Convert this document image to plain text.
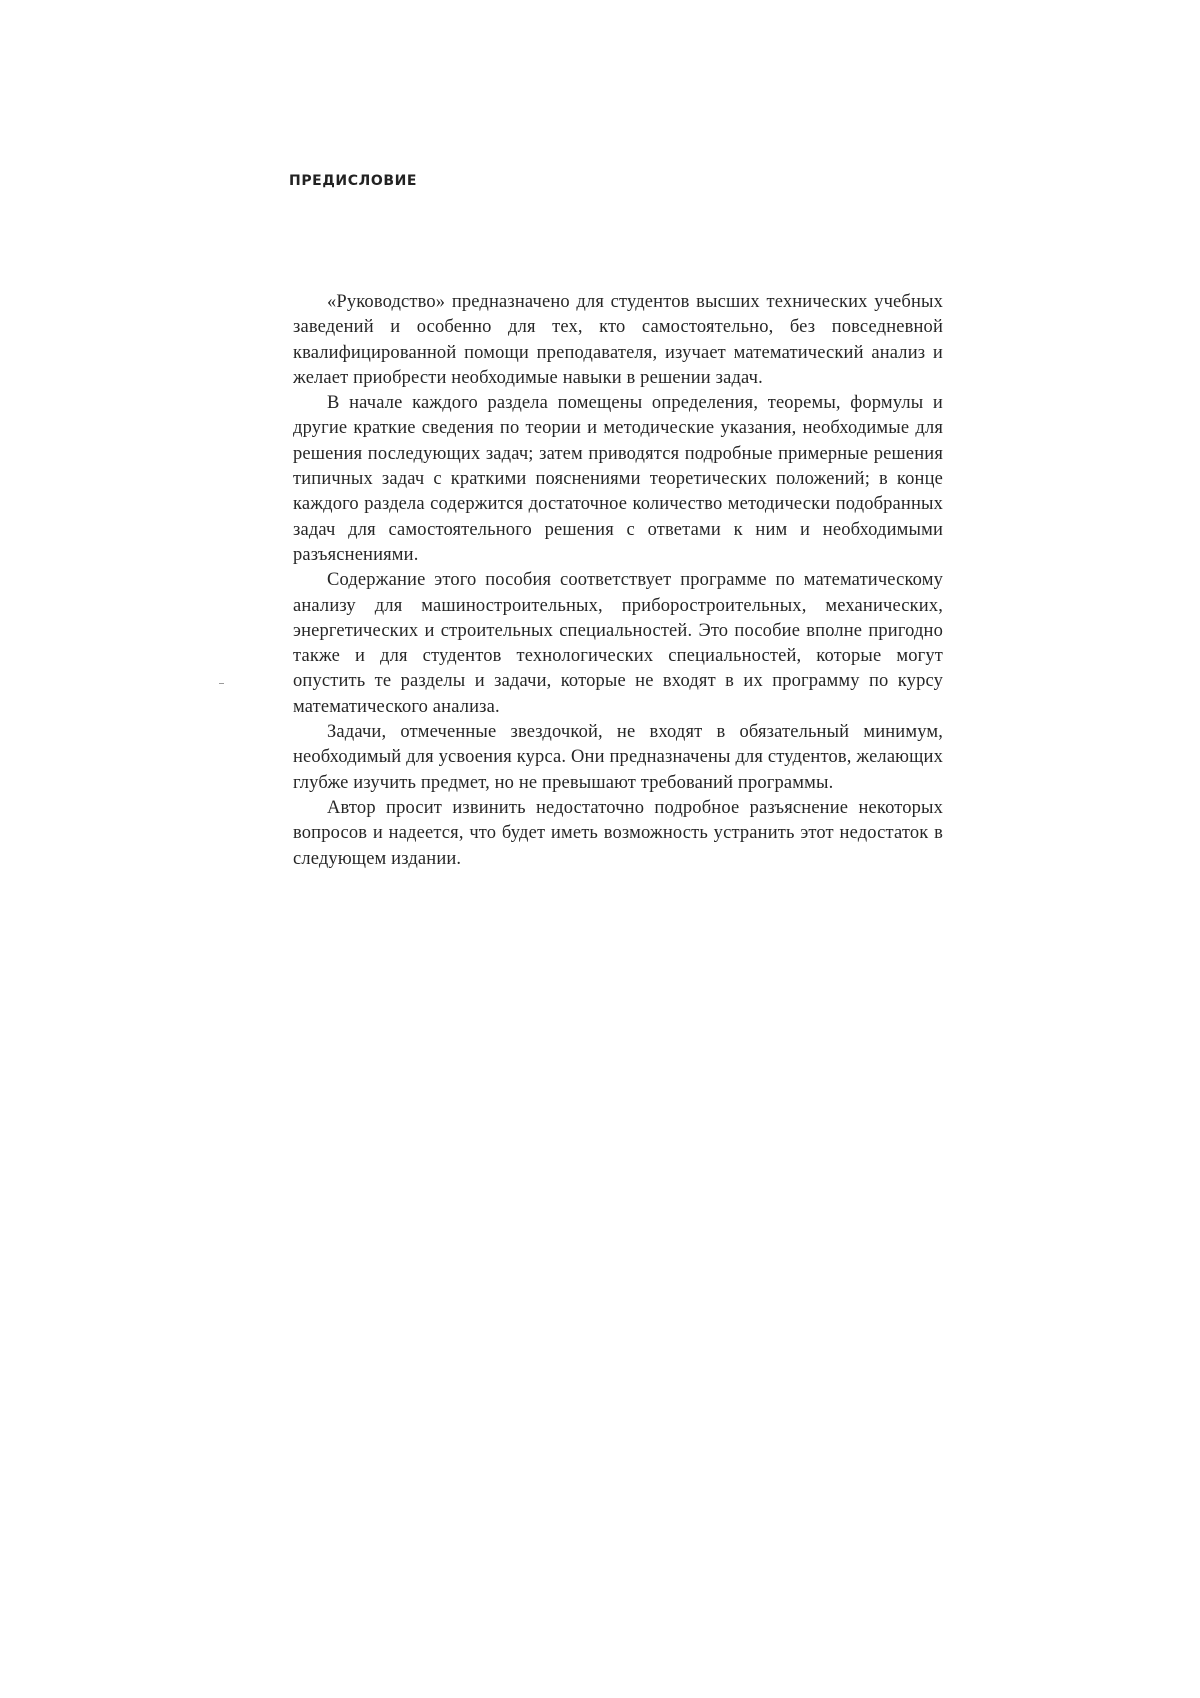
ПРЕДИСЛОВИЕ

«Руководство» предназначено для студентов высших технических учебных заведений и особенно для тех, кто самостоятельно, без повседневной квалифицированной помощи преподавателя, изучает математический анализ и желает приобрести необходимые навыки в решении задач.

В начале каждого раздела помещены определения, теоремы, формулы и другие краткие сведения по теории и методические указания, необходимые для решения последующих задач; затем приводятся подробные примерные решения типичных задач с краткими пояснениями теоретических положений; в конце каждого раздела содержится достаточное количество методически подобранных задач для самостоятельного решения с ответами к ним и необходимыми разъяснениями.

Содержание этого пособия соответствует программе по математическому анализу для машиностроительных, приборостроительных, механических, энергетических и строительных специальностей. Это пособие вполне пригодно также и для студентов технологических специальностей, которые могут опустить те разделы и задачи, которые не входят в их программу по курсу математического анализа.

Задачи, отмеченные звездочкой, не входят в обязательный минимум, необходимый для усвоения курса. Они предназначены для студентов, желающих глубже изучить предмет, но не превышают требований программы.

Автор просит извинить недостаточно подробное разъяснение некоторых вопросов и надеется, что будет иметь возможность устранить этот недостаток в следующем издании.
